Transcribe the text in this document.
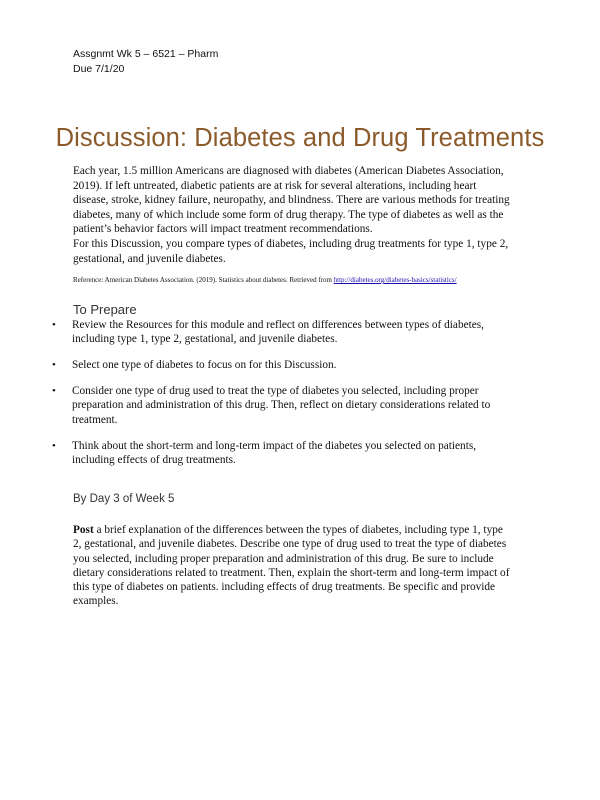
Assgnmt Wk 5 – 6521 – Pharm
Due 7/1/20
Discussion: Diabetes and Drug Treatments
Each year, 1.5 million Americans are diagnosed with diabetes (American Diabetes Association,
2019). If left untreated, diabetic patients are at risk for several alterations, including heart
disease, stroke, kidney failure, neuropathy, and blindness. There are various methods for treating
diabetes, many of which include some form of drug therapy. The type of diabetes as well as the
patient’s behavior factors will impact treatment recommendations.
For this Discussion, you compare types of diabetes, including drug treatments for type 1, type 2,
gestational, and juvenile diabetes.
Reference: American Diabetes Association. (2019). Statistics about diabetes. Retrieved from http://diabetes.org/diabetes-basics/statistics/
To Prepare
•	Review the Resources for this module and reflect on differences between types of diabetes,
including type 1, type 2, gestational, and juvenile diabetes.
•	Select one type of diabetes to focus on for this Discussion.
•	Consider one type of drug used to treat the type of diabetes you selected, including proper
preparation and administration of this drug. Then, reflect on dietary considerations related to
treatment.
•	Think about the short-term and long-term impact of the diabetes you selected on patients,
including effects of drug treatments.
By Day 3 of Week 5
Post a brief explanation of the differences between the types of diabetes, including type 1, type
2, gestational, and juvenile diabetes. Describe one type of drug used to treat the type of diabetes
you selected, including proper preparation and administration of this drug. Be sure to include
dietary considerations related to treatment. Then, explain the short-term and long-term impact of
this type of diabetes on patients. including effects of drug treatments. Be specific and provide
examples.
